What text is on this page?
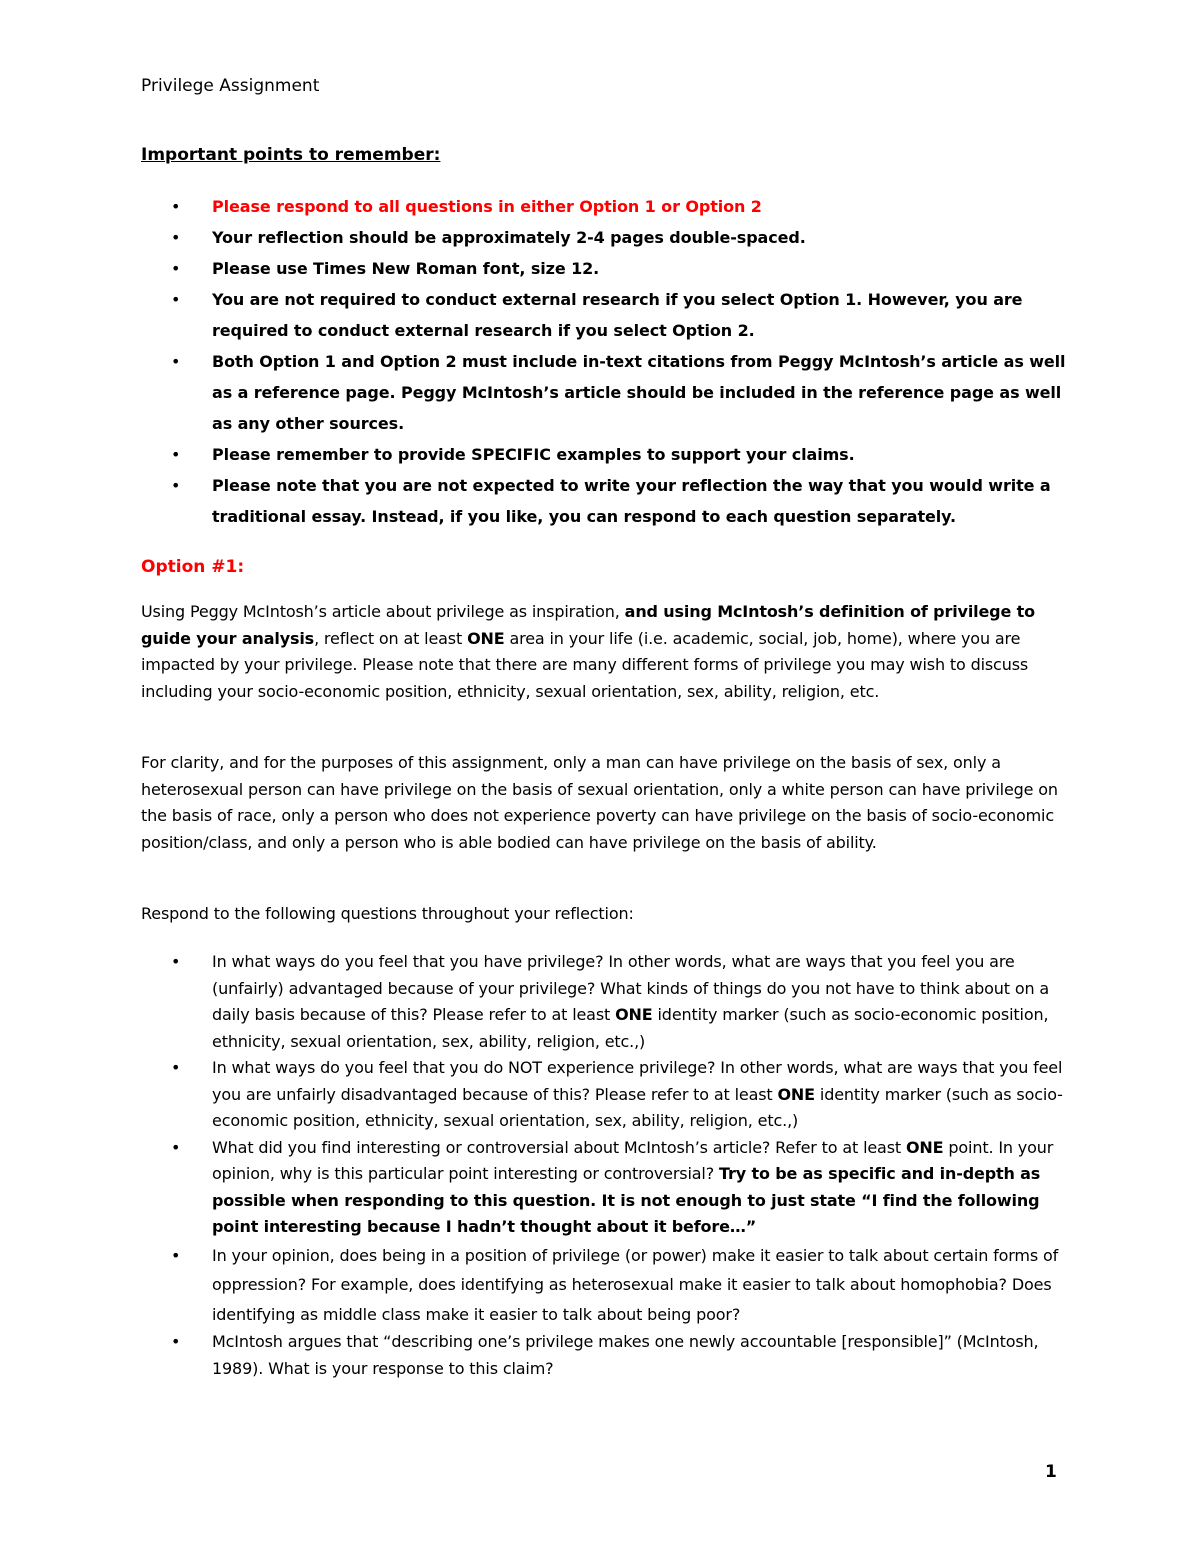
Privilege Assignment

Important points to remember:

• Please respond to all questions in either Option 1 or Option 2
• Your reflection should be approximately 2-4 pages double-spaced.
• Please use Times New Roman font, size 12.
• You are not required to conduct external research if you select Option 1. However, you are required to conduct external research if you select Option 2.
• Both Option 1 and Option 2 must include in-text citations from Peggy McIntosh’s article as well as a reference page. Peggy McIntosh’s article should be included in the reference page as well as any other sources.
• Please remember to provide SPECIFIC examples to support your claims.
• Please note that you are not expected to write your reflection the way that you would write a traditional essay. Instead, if you like, you can respond to each question separately.

Option #1:

Using Peggy McIntosh’s article about privilege as inspiration, and using McIntosh’s definition of privilege to guide your analysis, reflect on at least ONE area in your life (i.e. academic, social, job, home), where you are impacted by your privilege. Please note that there are many different forms of privilege you may wish to discuss including your socio-economic position, ethnicity, sexual orientation, sex, ability, religion, etc.

For clarity, and for the purposes of this assignment, only a man can have privilege on the basis of sex, only a heterosexual person can have privilege on the basis of sexual orientation, only a white person can have privilege on the basis of race, only a person who does not experience poverty can have privilege on the basis of socio-economic position/class, and only a person who is able bodied can have privilege on the basis of ability.

Respond to the following questions throughout your reflection:

• In what ways do you feel that you have privilege? In other words, what are ways that you feel you are (unfairly) advantaged because of your privilege? What kinds of things do you not have to think about on a daily basis because of this? Please refer to at least ONE identity marker (such as socio-economic position, ethnicity, sexual orientation, sex, ability, religion, etc.,)
• In what ways do you feel that you do NOT experience privilege? In other words, what are ways that you feel you are unfairly disadvantaged because of this? Please refer to at least ONE identity marker (such as socio-economic position, ethnicity, sexual orientation, sex, ability, religion, etc.,)
• What did you find interesting or controversial about McIntosh’s article? Refer to at least ONE point. In your opinion, why is this particular point interesting or controversial? Try to be as specific and in-depth as possible when responding to this question. It is not enough to just state “I find the following point interesting because I hadn’t thought about it before…”
• In your opinion, does being in a position of privilege (or power) make it easier to talk about certain forms of oppression? For example, does identifying as heterosexual make it easier to talk about homophobia? Does identifying as middle class make it easier to talk about being poor?
• McIntosh argues that “describing one’s privilege makes one newly accountable [responsible]” (McIntosh, 1989). What is your response to this claim?

1
